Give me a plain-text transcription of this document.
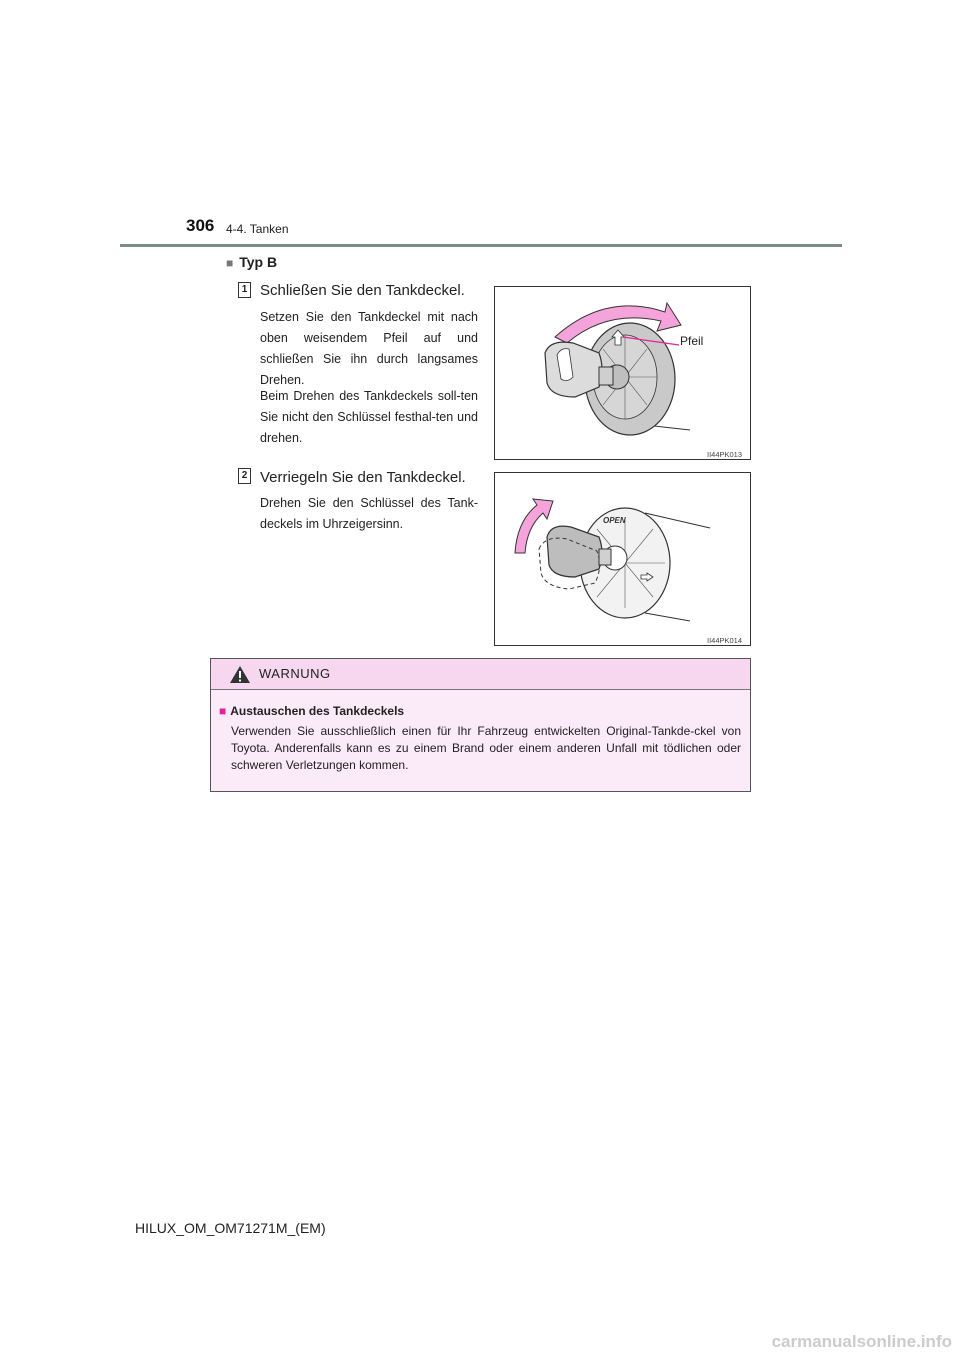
306 4-4. Tanken
■ Typ B
1 Schließen Sie den Tankdeckel.
Setzen Sie den Tankdeckel mit nach oben weisendem Pfeil auf und schließen Sie ihn durch langsames Drehen.
Beim Drehen des Tankdeckels soll-ten Sie nicht den Schlüssel festhal-ten und drehen.
Pfeil
II44PK013
2 Verriegeln Sie den Tankdeckel.
Drehen Sie den Schlüssel des Tank-deckels im Uhrzeigersinn.	OPEN
II44PK014
WARNUNG
■ Austauschen des Tankdeckels
Verwenden Sie ausschließlich einen für Ihr Fahrzeug entwickelten Original-Tankde-ckel von Toyota. Anderenfalls kann es zu einem Brand oder einem anderen Unfall mit tödlichen oder schweren Verletzungen kommen.
HILUX_OM_OM71271M_(EM)
carmanualsonline.info
